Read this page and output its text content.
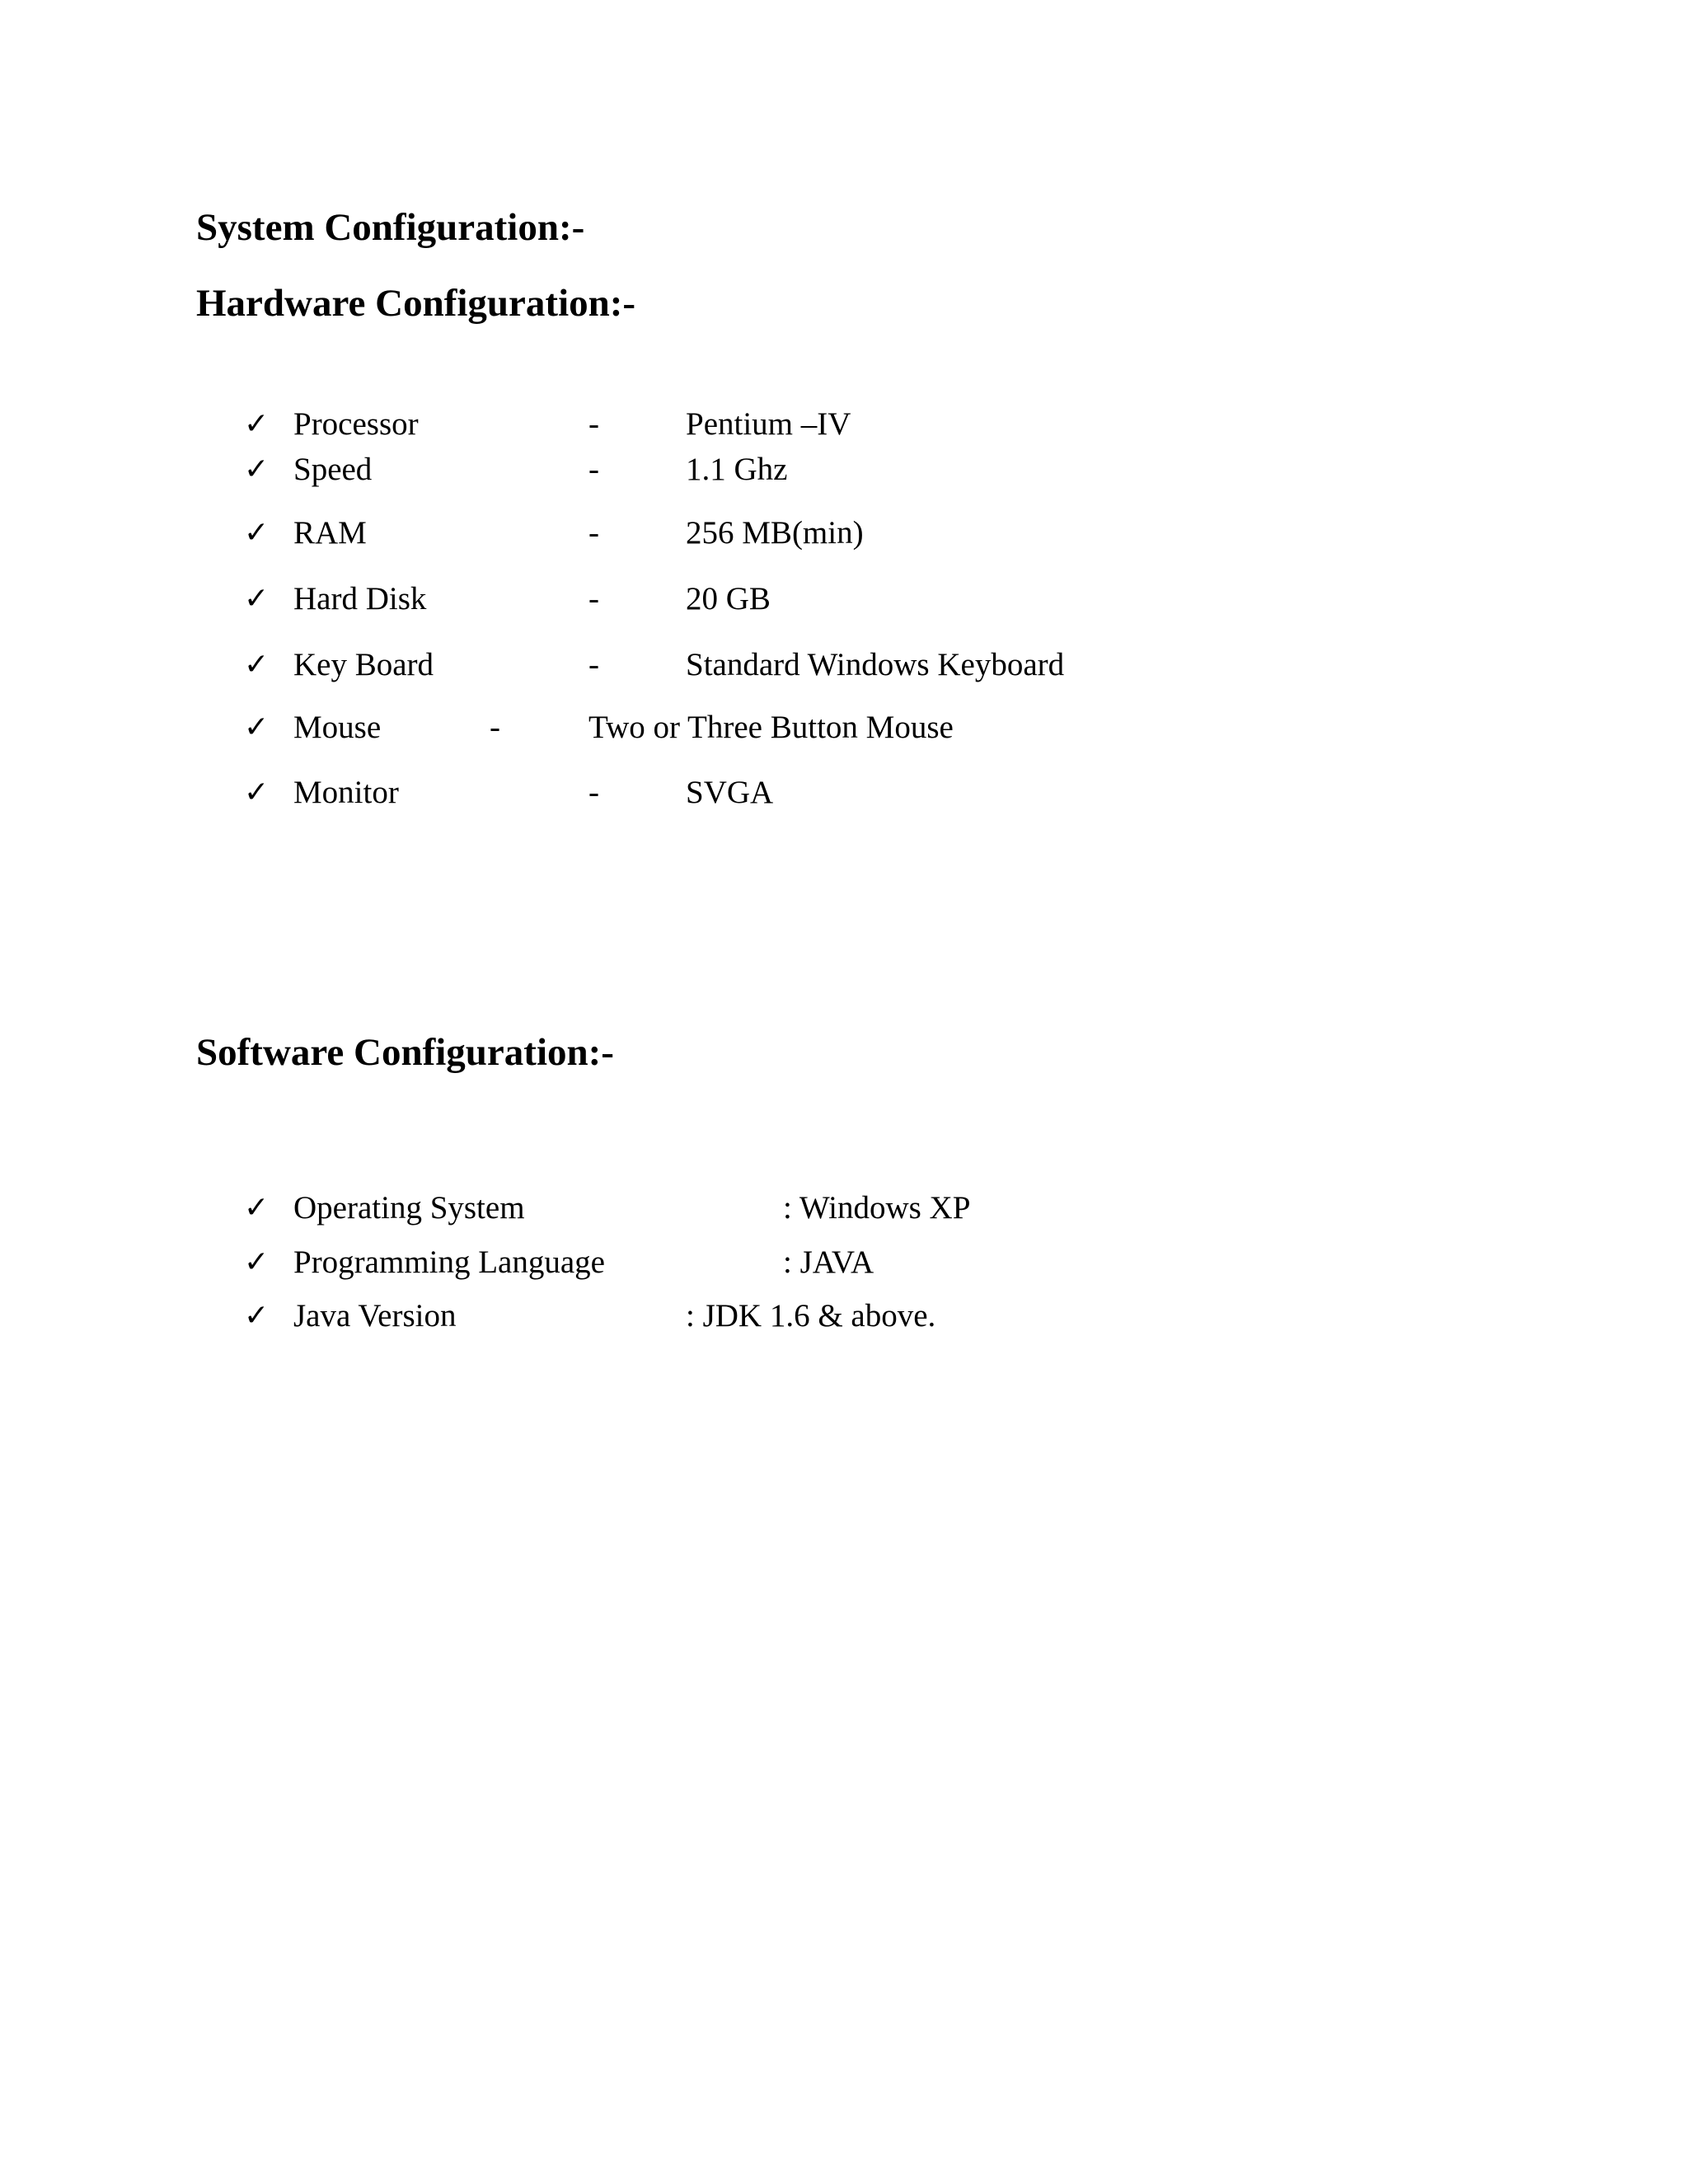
System Configuration:-
Hardware Configuration:-
✓ Processor	-	Pentium –IV
✓ Speed	-	1.1 Ghz
✓ RAM	-	256 MB(min)
✓ Hard Disk	-	20 GB
✓ Key Board	-	Standard Windows Keyboard
✓ Mouse	-	Two or Three Button Mouse
✓ Monitor	-	SVGA
Software Configuration:-
✓ Operating System	: Windows XP
✓ Programming Language	: JAVA
✓ Java Version	: JDK 1.6 & above.
